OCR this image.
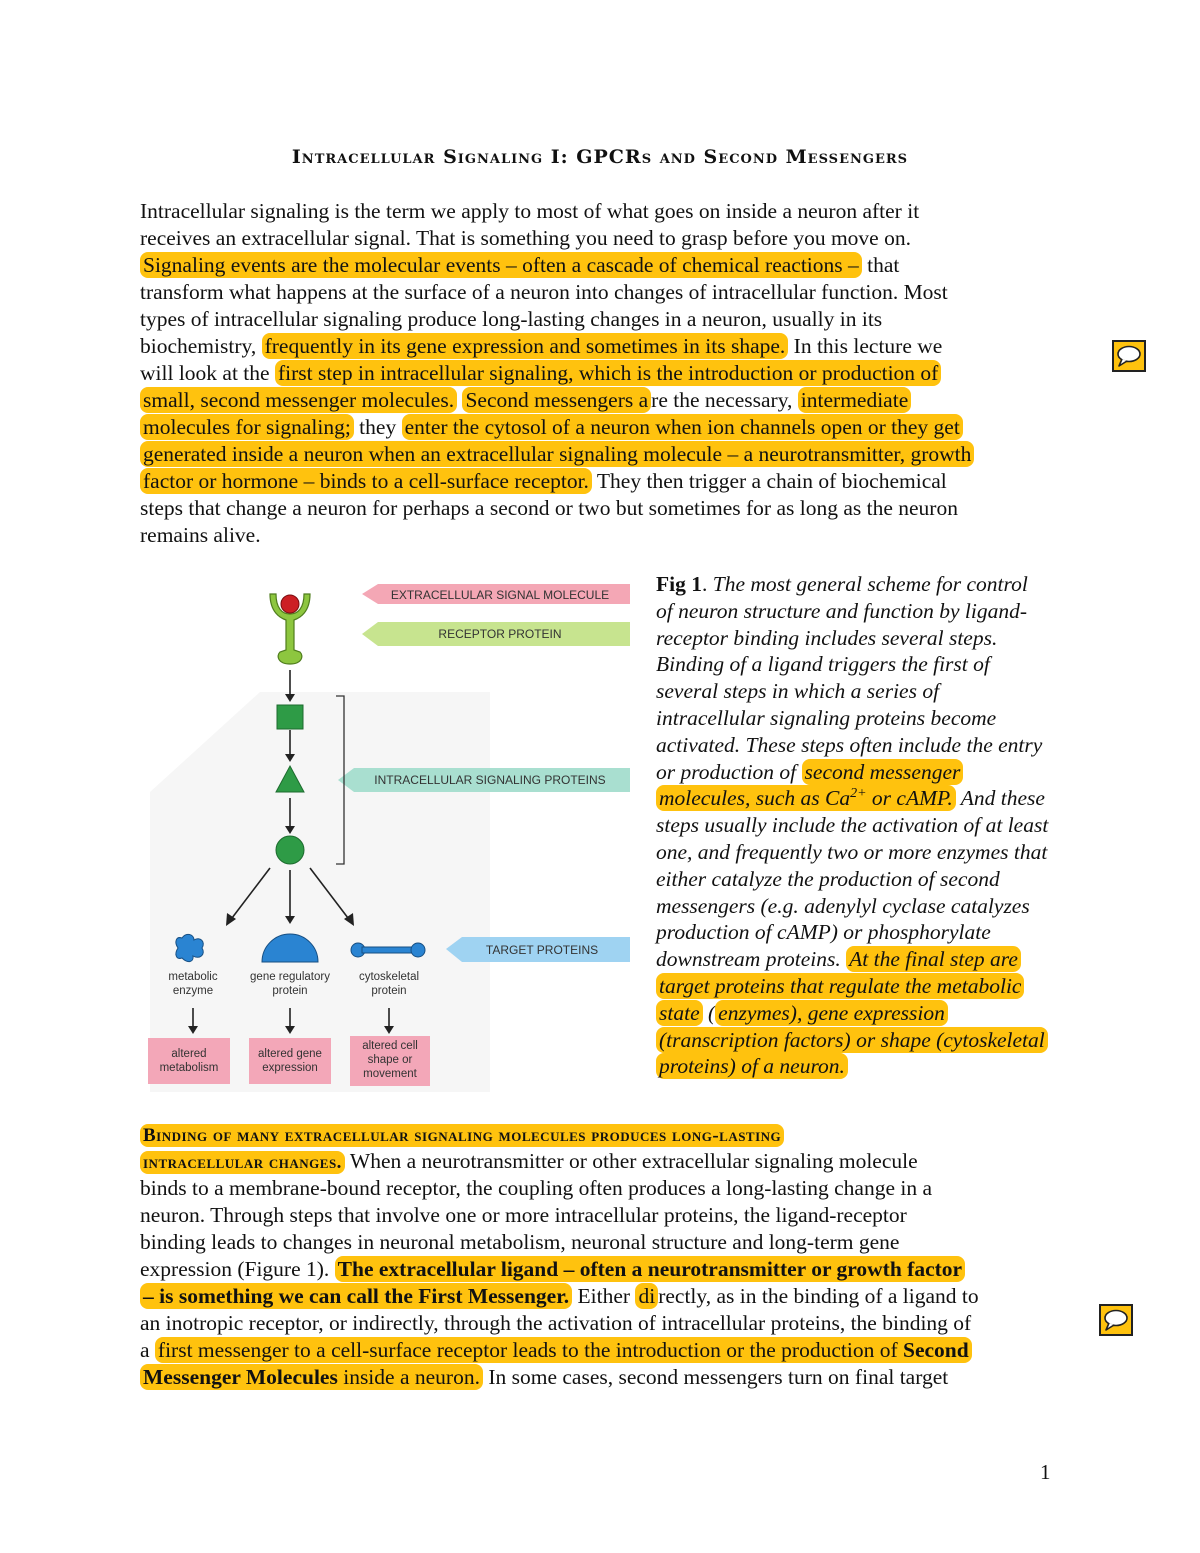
Intracellular Signaling I: GPCRs and Second Messengers
Intracellular signaling is the term we apply to most of what goes on inside a neuron after it
receives an extracellular signal. That is something you need to grasp before you move on.
Signaling events are the molecular events – often a cascade of chemical reactions – that
transform what happens at the surface of a neuron into changes of intracellular function. Most
types of intracellular signaling produce long-lasting changes in a neuron, usually in its
biochemistry, frequently in its gene expression and sometimes in its shape. In this lecture we
will look at the first step in intracellular signaling, which is the introduction or production of
small, second messenger molecules. Second messengers a re the necessary, intermediate
molecules for signaling; they enter the cytosol of a neuron when ion channels open or they get
generated inside a neuron when an extracellular signaling molecule – a neurotransmitter, growth
factor or hormone – binds to a cell-surface receptor. They then trigger a chain of biochemical
steps that change a neuron for perhaps a second or two but sometimes for as long as the neuron
remains alive.
EXTRACELLULAR SIGNAL MOLECULE
RECEPTOR PROTEIN
INTRACELLULAR SIGNALING PROTEINS
TARGET PROTEINS
metabolic
enzyme
gene regulatory
protein
cytoskeletal
protein
altered
metabolism
altered gene
expression
altered cell
shape or
movement
Fig 1. The most general scheme for control
of neuron structure and function by ligand-
receptor binding includes several steps.
Binding of a ligand triggers the first of
several steps in which a series of
intracellular signaling proteins become
activated. These steps often include the entry
or production of second messenger
molecules, such as $Ca^{2+}$ or cAMP. And these
steps usually include the activation of at least
one, and frequently two or more enzymes that
either catalyze the production of second
messengers (e.g. adenylyl cyclase catalyzes
production of cAMP) or phosphorylate
downstream proteins. At the final step are
target proteins that regulate the metabolic
state ( enzymes), gene expression
(transcription factors) or shape (cytoskeletal
proteins) of a neuron.
Binding of many extracellular signaling molecules produces long-lasting
intracellular changes. When a neurotransmitter or other extracellular signaling molecule
binds to a membrane-bound receptor, the coupling often produces a long-lasting change in a
neuron. Through steps that involve one or more intracellular proteins, the ligand-receptor
binding leads to changes in neuronal metabolism, neuronal structure and long-term gene
expression (Figure 1). The extracellular ligand – often a neurotransmitter or growth factor
– is something we can call the First Messenger. Either di rectly, as in the binding of a ligand to
an inotropic receptor, or indirectly, through the activation of intracellular proteins, the binding of
a first messenger to a cell-surface receptor leads to the introduction or the production of Second
Messenger Molecules inside a neuron. In some cases, second messengers turn on final target
1
